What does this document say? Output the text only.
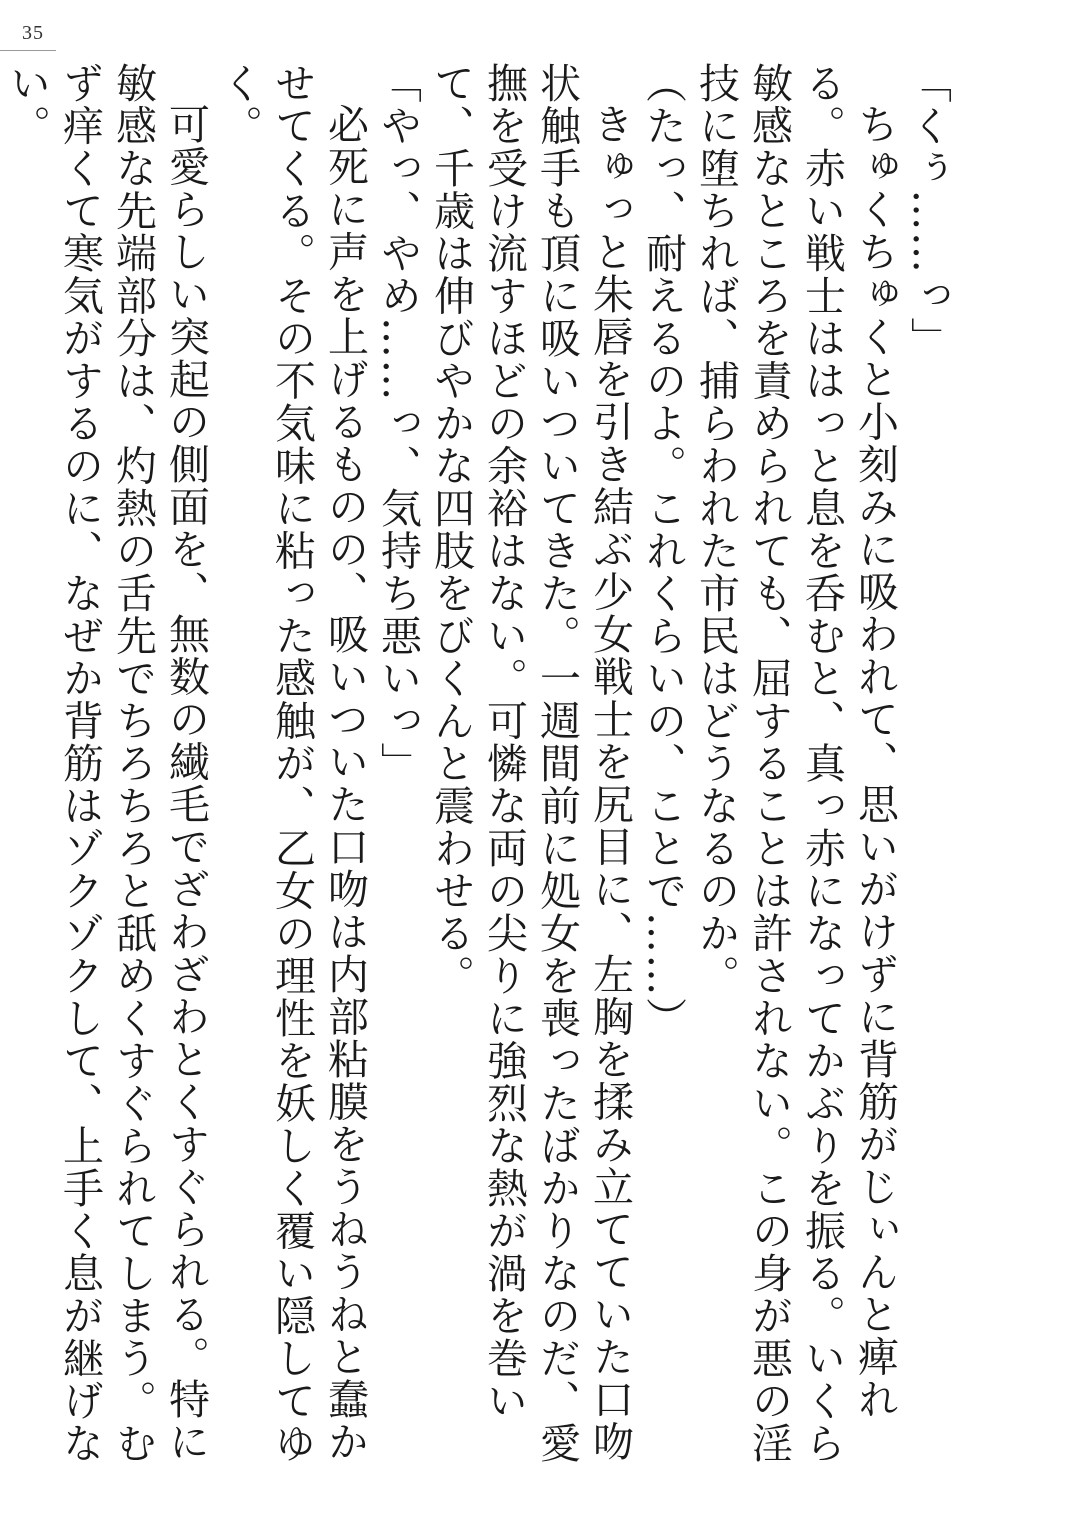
35

「くぅ……っ」

ちゅくちゅくと小刻みに吸われて、思いがけずに背筋がじぃんと痺れる。赤い戦士ははっと息を呑むと、真っ赤になってかぶりを振る。いくら敏感なところを責められても、屈することは許されない。この身が悪の淫技に堕ちれば、捕らわれた市民はどうなるのか。

（たっ、耐えるのよ。これくらいの、ことで……）

きゅっと朱唇を引き結ぶ少女戦士を尻目に、左胸を揉み立てていた口吻状触手も頂に吸いついてきた。一週間前に処女を喪ったばかりなのだ、愛撫を受け流すほどの余裕はない。可憐な両の尖りに強烈な熱が渦を巻いて、千歳は伸びやかな四肢をびくんと震わせる。

「やっ、やめ……っ、気持ち悪いっ」

必死に声を上げるものの、吸いついた口吻は内部粘膜をうねうねと蠢かせてくる。その不気味に粘った感触が、乙女の理性を妖しく覆い隠してゆく。

可愛らしい突起の側面を、無数の繊毛でざわざわとくすぐられる。特に敏感な先端部分は、灼熱の舌先でちろちろと舐めくすぐられてしまう。むず痒くて寒気がするのに、なぜか背筋はゾクゾクして、上手く息が継げない。
